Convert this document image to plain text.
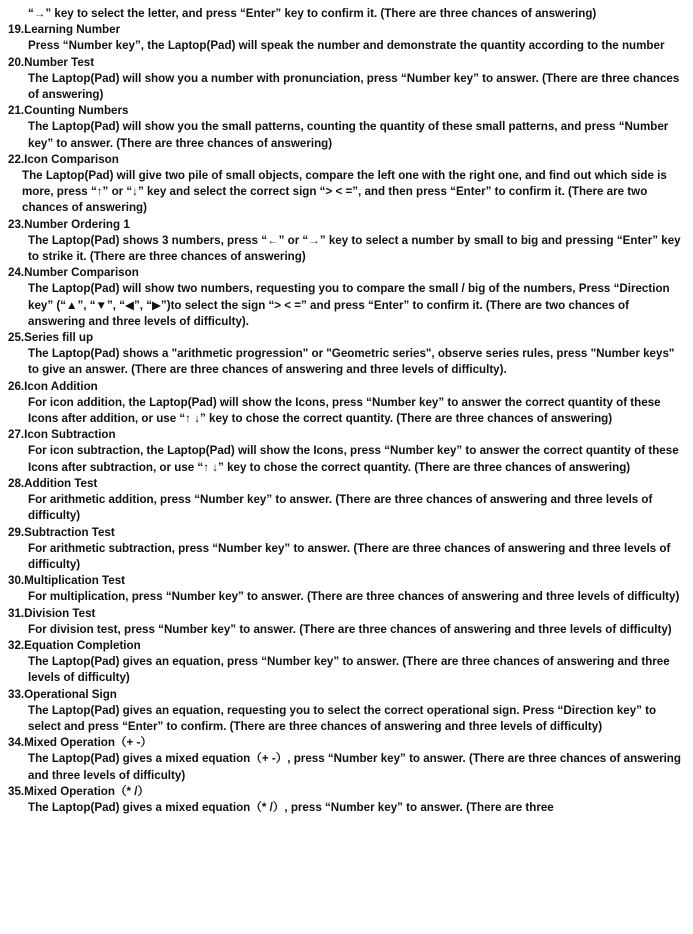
“→” key to select the letter, and press “Enter” key to confirm it. (There are three chances of answering)
19.Learning Number
Press “Number key”, the Laptop(Pad) will speak the number and demonstrate the quantity according to the number
20.Number Test
The Laptop(Pad) will show you a number with pronunciation, press “Number key” to answer. (There are three chances of answering)
21.Counting Numbers
The Laptop(Pad) will show you the small patterns, counting the quantity of these small patterns, and press “Number key” to answer. (There are three chances of answering)
22.Icon Comparison
The Laptop(Pad) will give two pile of small objects, compare the left one with the right one, and find out which side is more, press “↑” or “↓” key and select the correct sign “> < =”, and then press “Enter” to confirm it. (There are two chances of answering)
23.Number Ordering 1
The Laptop(Pad) shows 3 numbers, press “←” or “→” key to select a number by small to big and pressing “Enter” key to strike it. (There are three chances of answering)
24.Number Comparison
The Laptop(Pad) will show two numbers, requesting you to compare the small / big of the numbers, Press “Direction key” (“▲”, “▼”, “◀”, “▶”)to select the sign “> < =” and press “Enter” to confirm it. (There are two chances of answering and three levels of difficulty).
25.Series fill up
The Laptop(Pad) shows a "arithmetic progression" or "Geometric series", observe series rules, press "Number keys" to give an answer. (There are three chances of answering and three levels of difficulty).
26.Icon Addition
For icon addition, the Laptop(Pad) will show the Icons, press “Number key” to answer the correct quantity of these Icons after addition, or use “↑ ↓” key to chose the correct quantity. (There are three chances of answering)
27.Icon Subtraction
For icon subtraction, the Laptop(Pad) will show the Icons, press “Number key” to answer the correct quantity of these Icons after subtraction, or use “↑ ↓” key to chose the correct quantity. (There are three chances of answering)
28.Addition Test
For arithmetic addition, press “Number key” to answer. (There are three chances of answering and three levels of difficulty)
29.Subtraction Test
For arithmetic subtraction, press “Number key” to answer. (There are three chances of answering and three levels of difficulty)
30.Multiplication Test
For multiplication, press “Number key” to answer. (There are three chances of answering and three levels of difficulty)
31.Division Test
For division test, press “Number key” to answer. (There are three chances of answering and three levels of difficulty)
32.Equation Completion
The Laptop(Pad) gives an equation, press “Number key” to answer. (There are three chances of answering and three levels of difficulty)
33.Operational Sign
The Laptop(Pad) gives an equation, requesting you to select the correct operational sign. Press “Direction key” to select and press “Enter” to confirm. (There are three chances of answering and three levels of difficulty)
34.Mixed Operation（+ -）
The Laptop(Pad) gives a mixed equation（+ -）, press “Number key” to answer. (There are three chances of answering and three levels of difficulty)
35.Mixed Operation（* /）
The Laptop(Pad) gives a mixed equation（* /）, press “Number key” to answer. (There are three
